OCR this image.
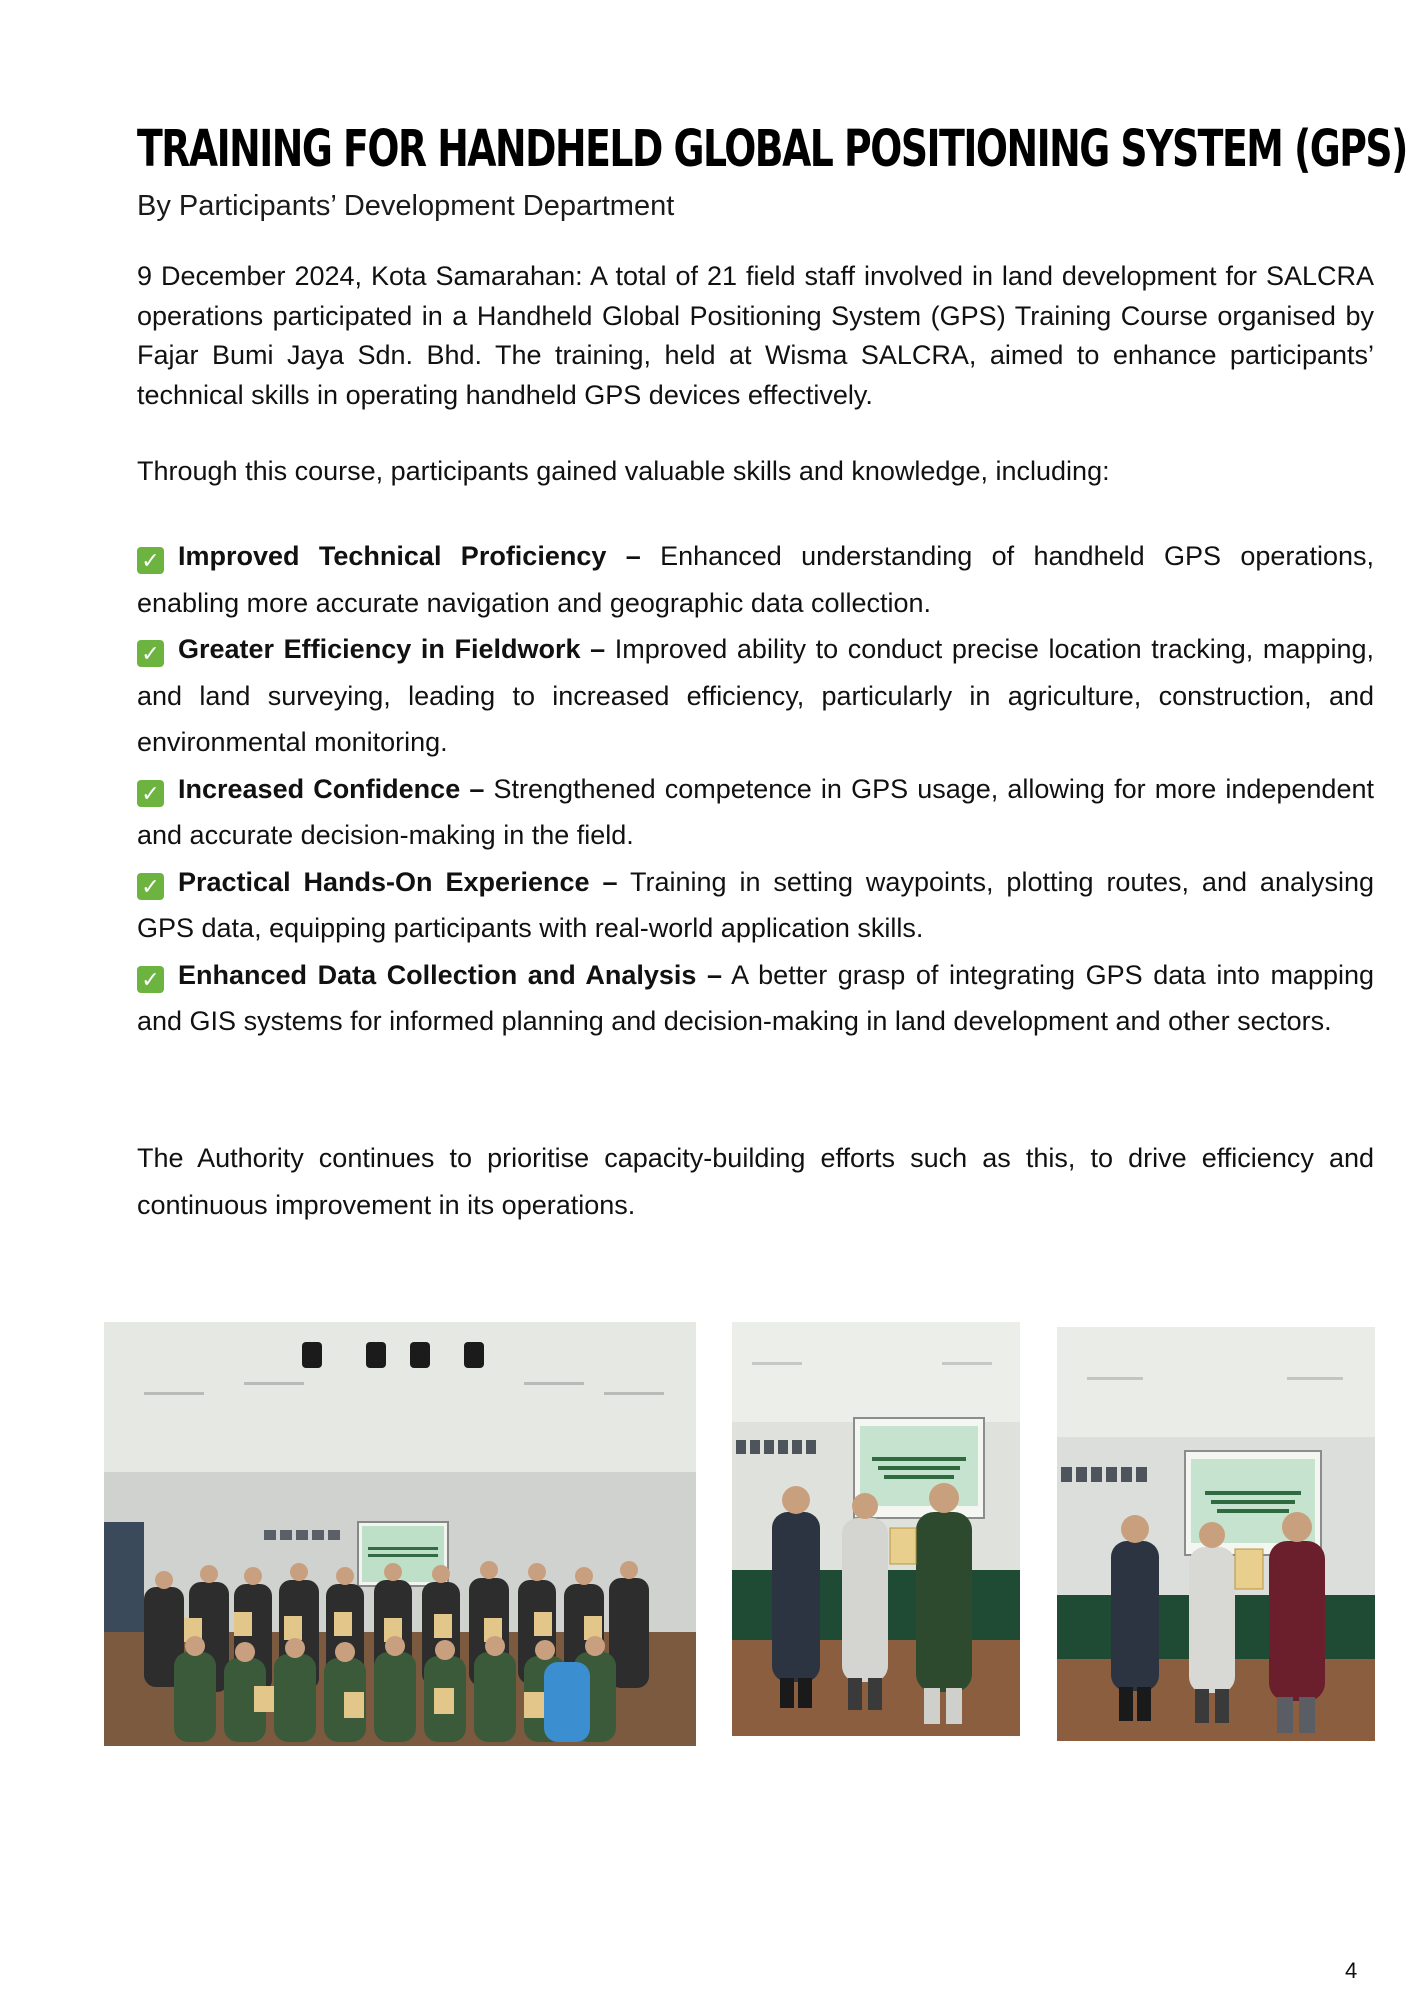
TRAINING FOR HANDHELD GLOBAL POSITIONING SYSTEM (GPS)
By Participants’ Development Department

9 December 2024, Kota Samarahan: A total of 21 field staff involved in land development for SALCRA operations participated in a Handheld Global Positioning System (GPS) Training Course organised by Fajar Bumi Jaya Sdn. Bhd. The training, held at Wisma SALCRA, aimed to enhance participants’ technical skills in operating handheld GPS devices effectively.

Through this course, participants gained valuable skills and knowledge, including:

✓ Improved Technical Proficiency – Enhanced understanding of handheld GPS operations, enabling more accurate navigation and geographic data collection.
✓ Greater Efficiency in Fieldwork – Improved ability to conduct precise location tracking, mapping, and land surveying, leading to increased efficiency, particularly in agriculture, construction, and environmental monitoring.
✓ Increased Confidence – Strengthened competence in GPS usage, allowing for more independent and accurate decision-making in the field.
✓ Practical Hands-On Experience – Training in setting waypoints, plotting routes, and analysing GPS data, equipping participants with real-world application skills.
✓ Enhanced Data Collection and Analysis – A better grasp of integrating GPS data into mapping and GIS systems for informed planning and decision-making in land development and other sectors.

The Authority continues to prioritise capacity-building efforts such as this, to drive efficiency and continuous improvement in its operations.

4
